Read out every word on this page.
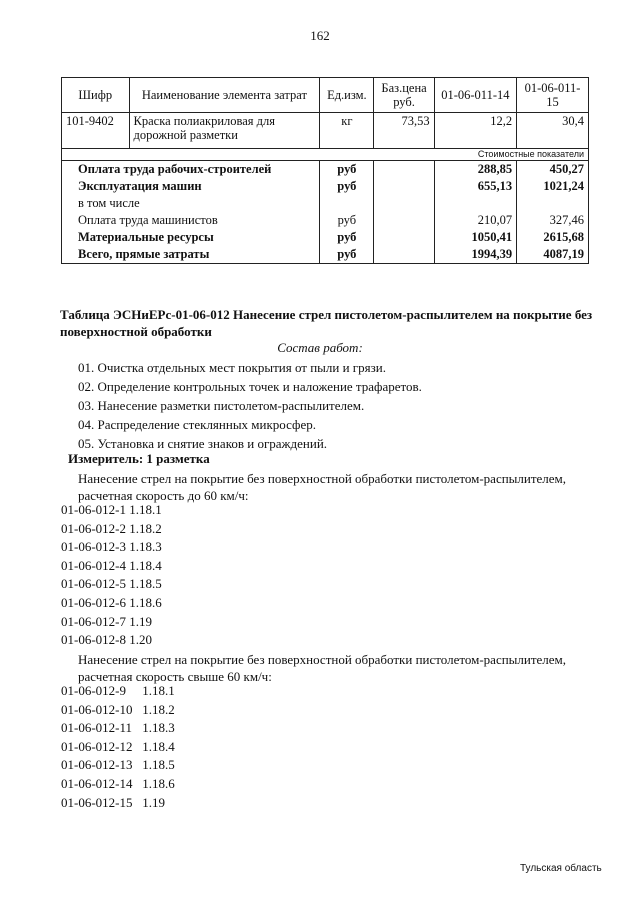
162
Шифр	Наименование элемента затрат	Ед.изм.	Баз.цена руб.	01-06-011-14	01-06-011-15
101-9402	Краска полиакриловая для дорожной разметки	кг	73,53	12,2	30,4
Стоимостные показатели					
Оплата труда рабочих-строителей		руб		288,85	450,27
Эксплуатация машин		руб		655,13	1021,24
в том числе					
Оплата труда машинистов		руб		210,07	327,46
Материальные ресурсы		руб		1050,41	2615,68
Всего, прямые затраты		руб		1994,39	4087,19
Таблица ЭСНиЕРс-01-06-012 Нанесение стрел пистолетом-распылителем на покрытие без поверхностной обработки
Состав работ:
01. Очистка отдельных мест покрытия от пыли и грязи.
02. Определение контрольных точек и наложение трафаретов.
03. Нанесение разметки пистолетом-распылителем.
04. Распределение стеклянных микросфер.
05. Установка и снятие знаков и ограждений.
Измеритель: 1 разметка
Нанесение стрел на покрытие без поверхностной обработки пистолетом-распылителем, расчетная скорость до 60 км/ч:
01-06-012-1 1.18.1
01-06-012-2 1.18.2
01-06-012-3 1.18.3
01-06-012-4 1.18.4
01-06-012-5 1.18.5
01-06-012-6 1.18.6
01-06-012-7 1.19
01-06-012-8 1.20
Нанесение стрел на покрытие без поверхностной обработки пистолетом-распылителем, расчетная скорость свыше 60 км/ч:
01-06-012-9 1.18.1
01-06-012-10 1.18.2
01-06-012-11 1.18.3
01-06-012-12 1.18.4
01-06-012-13 1.18.5
01-06-012-14 1.18.6
01-06-012-15 1.19
Тульская область
